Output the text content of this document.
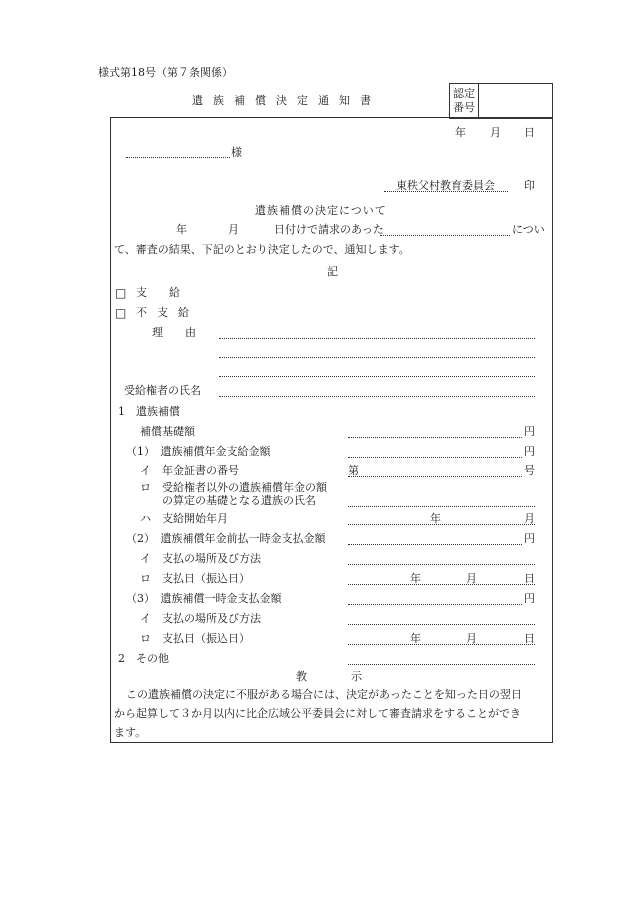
様式第18号（第７条関係）
遺族補償決定通知書
認定
番号
年 月 日
様
東秩父村教育委員会	印
遺族補償の決定について
年	月	日付けで請求のあった	につい
て、審査の結果、下記のとおり決定したので、通知します。
記
□ 支給
□ 不支給
理由
受給権者の氏名
1　遺族補償
補償基礎額	円
（1）　遺族補償年金支給金額	円
イ 年金証書の番号	第	号
ロ 受給権者以外の遺族補償年金の額
の算定の基礎となる遺族の氏名
ハ 支給開始年月	年	月
（2）　遺族補償年金前払一時金支払金額	円
イ 支払の場所及び方法
ロ 支払日（振込日）	年	月	日
（3）　遺族補償一時金支払金額	円
イ 支払の場所及び方法
ロ 支払日（振込日）	年	月	日
2　その他
教示
この遺族補償の決定に不服がある場合には、決定があったことを知った日の翌日
から起算して３か月以内に比企広域公平委員会に対して審査請求をすることができ
ます。
